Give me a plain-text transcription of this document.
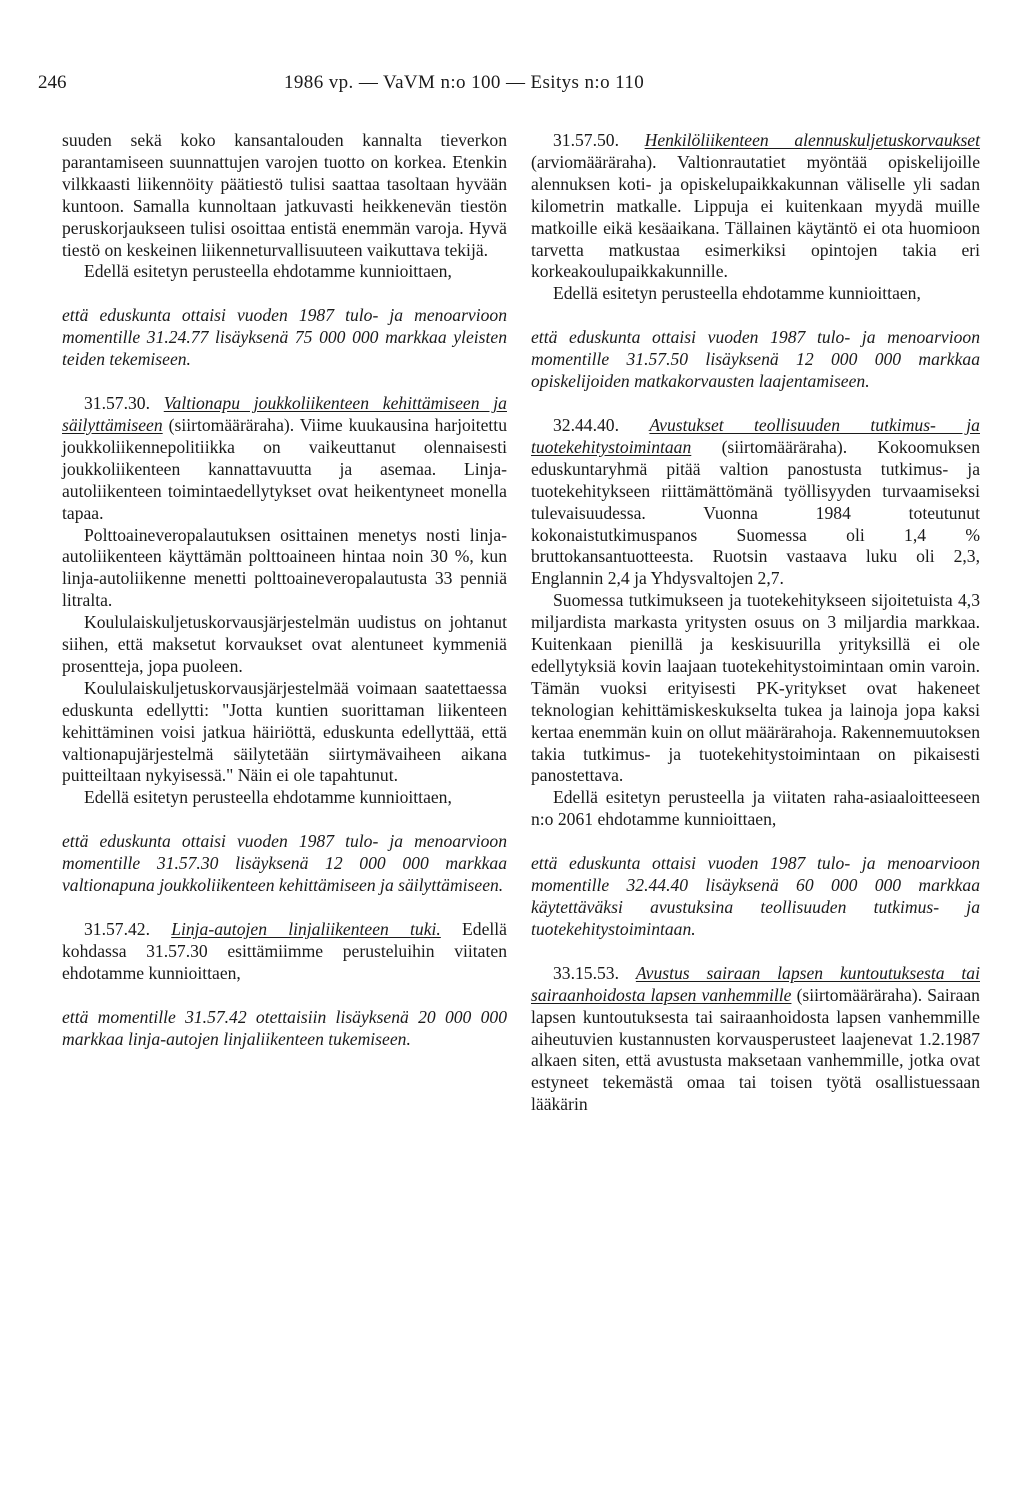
246	1986 vp. — VaVM n:o 100 — Esitys n:o 110

suuden sekä koko kansantalouden kannalta tieverkon parantamiseen suunnattujen varojen tuotto on korkea. Etenkin vilkkaasti liikennöity päätiestö tulisi saattaa tasoltaan hyvään kuntoon. Samalla kunnoltaan jatkuvasti heikkenevän tiestön peruskorjaukseen tulisi osoittaa entistä enemmän varoja. Hyvä tiestö on keskeinen liikenneturvallisuuteen vaikuttava tekijä.

Edellä esitetyn perusteella ehdotamme kunnioittaen,

että eduskunta ottaisi vuoden 1987 tulo- ja menoarvioon momentille 31.24.77 lisäyksenä 75 000 000 markkaa yleisten teiden tekemiseen.

31.57.30. Valtionapu joukkoliikenteen kehittämiseen ja säilyttämiseen (siirtomääräraha). Viime kuukausina harjoitettu joukkoliikennepolitiikka on vaikeuttanut olennaisesti joukkoliikenteen kannattavuutta ja asemaa. Linja-autoliikenteen toimintaedellytykset ovat heikentyneet monella tapaa.

Polttoaineveropalautuksen osittainen menetys nosti linja-autoliikenteen käyttämän polttoaineen hintaa noin 30 %, kun linja-autoliikenne menetti polttoaineveropalautusta 33 penniä litralta.

Koululaiskuljetuskorvausjärjestelmän uudistus on johtanut siihen, että maksetut korvaukset ovat alentuneet kymmeniä prosentteja, jopa puoleen.

Koululaiskuljetuskorvausjärjestelmää voimaan saatettaessa eduskunta edellytti: "Jotta kuntien suorittaman liikenteen kehittäminen voisi jatkua häiriöttä, eduskunta edellyttää, että valtionapujärjestelmä säilytetään siirtymävaiheen aikana puitteiltaan nykyisessä." Näin ei ole tapahtunut.

Edellä esitetyn perusteella ehdotamme kunnioittaen,

että eduskunta ottaisi vuoden 1987 tulo- ja menoarvioon momentille 31.57.30 lisäyksenä 12 000 000 markkaa valtionapuna joukkoliikenteen kehittämiseen ja säilyttämiseen.

31.57.42. Linja-autojen linjaliikenteen tuki. Edellä kohdassa 31.57.30 esittämiimme perusteluihin viitaten ehdotamme kunnioittaen,

että momentille 31.57.42 otettaisiin lisäyksenä 20 000 000 markkaa linja-autojen linjaliikenteen tukemiseen.

31.57.50. Henkilöliikenteen alennuskuljetuskorvaukset (arviomääräraha). Valtionrautatiet myöntää opiskelijoille alennuksen koti- ja opiskelupaikkakunnan väliselle yli sadan kilometrin matkalle. Lippuja ei kuitenkaan myydä muille matkoille eikä kesäaikana. Tällainen käytäntö ei ota huomioon tarvetta matkustaa esimerkiksi opintojen takia eri korkeakoulupaikkakunnille.

Edellä esitetyn perusteella ehdotamme kunnioittaen,

että eduskunta ottaisi vuoden 1987 tulo- ja menoarvioon momentille 31.57.50 lisäyksenä 12 000 000 markkaa opiskelijoiden matkakorvausten laajentamiseen.

32.44.40. Avustukset teollisuuden tutkimus- ja tuotekehitystoimintaan (siirtomääräraha). Kokoomuksen eduskuntaryhmä pitää valtion panostusta tutkimus- ja tuotekehitykseen riittämättömänä työllisyyden turvaamiseksi tulevaisuudessa. Vuonna 1984 toteutunut kokonaistutkimuspanos Suomessa oli 1,4 % bruttokansantuotteesta. Ruotsin vastaava luku oli 2,3, Englannin 2,4 ja Yhdysvaltojen 2,7.

Suomessa tutkimukseen ja tuotekehitykseen sijoitetuista 4,3 miljardista markasta yritysten osuus on 3 miljardia markkaa. Kuitenkaan pienillä ja keskisuurilla yrityksillä ei ole edellytyksiä kovin laajaan tuotekehitystoimintaan omin varoin. Tämän vuoksi erityisesti PK-yritykset ovat hakeneet teknologian kehittämiskeskukselta tukea ja lainoja jopa kaksi kertaa enemmän kuin on ollut määrärahoja. Rakennemuutoksen takia tutkimus- ja tuotekehitystoimintaan on pikaisesti panostettava.

Edellä esitetyn perusteella ja viitaten raha-asiaaloitteeseen n:o 2061 ehdotamme kunnioittaen,

että eduskunta ottaisi vuoden 1987 tulo- ja menoarvioon momentille 32.44.40 lisäyksenä 60 000 000 markkaa käytettäväksi avustuksina teollisuuden tutkimus- ja tuotekehitystoimintaan.

33.15.53. Avustus sairaan lapsen kuntoutuksesta tai sairaanhoidosta lapsen vanhemmille (siirtomääräraha). Sairaan lapsen kuntoutuksesta tai sairaanhoidosta lapsen vanhemmille aiheutuvien kustannusten korvausperusteet laajenevat 1.2.1987 alkaen siten, että avustusta maksetaan vanhemmille, jotka ovat estyneet tekemästä omaa tai toisen työtä osallistuessaan lääkärin
